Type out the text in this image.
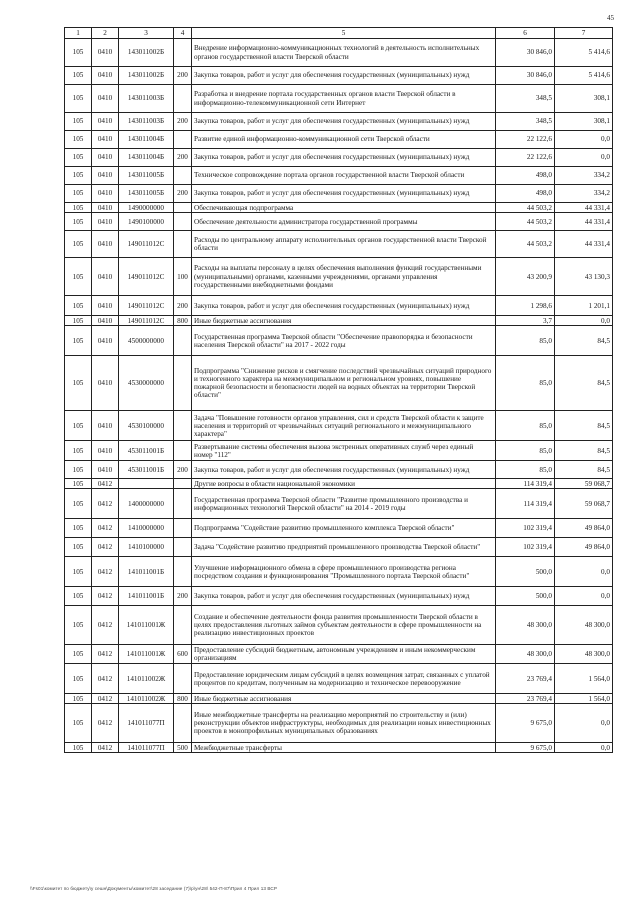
45
1	2	3	4	5	6	7
105	0410	143011002Б		Внедрение информационно-коммуникационных технологий в деятельность исполнительных органов государственной власти Тверской области	30 846,0	5 414,6
105	0410	143011002Б	200	Закупка товаров, работ и услуг для обеспечения государственных (муниципальных) нужд	30 846,0	5 414,6
105	0410	143011003Б		Разработка и внедрение портала государственных органов власти Тверской области в информационно-телекоммуникационной сети Интернет	348,5	308,1
105	0410	143011003Б	200	Закупка товаров, работ и услуг для обеспечения государственных (муниципальных) нужд	348,5	308,1
105	0410	143011004Б		Развитие единой информационно-коммуникационной сети Тверской области	22 122,6	0,0
105	0410	143011004Б	200	Закупка товаров, работ и услуг для обеспечения государственных (муниципальных) нужд	22 122,6	0,0
105	0410	143011005Б		Техническое сопровождение портала органов государственной власти Тверской области	498,0	334,2
105	0410	143011005Б	200	Закупка товаров, работ и услуг для обеспечения государственных (муниципальных) нужд	498,0	334,2
105	0410	1490000000		Обеспечивающая подпрограмма	44 503,2	44 331,4
105	0410	1490100000		Обеспечение деятельности администратора государственной программы	44 503,2	44 331,4
105	0410	149011012С		Расходы по центральному аппарату исполнительных органов государственной власти Тверской области	44 503,2	44 331,4
105	0410	149011012С	100	Расходы на выплаты персоналу в целях обеспечения выполнения функций государственными (муниципальными) органами, казенными учреждениями, органами управления государственными внебюджетными фондами	43 200,9	43 130,3
105	0410	149011012С	200	Закупка товаров, работ и услуг для обеспечения государственных (муниципальных) нужд	1 298,6	1 201,1
105	0410	149011012С	800	Иные бюджетные ассигнования	3,7	0,0
105	0410	4500000000		Государственная программа Тверской области "Обеспечение правопорядка и безопасности населения Тверской области" на 2017 - 2022 годы	85,0	84,5
105	0410	4530000000		Подпрограмма "Снижение рисков и смягчение последствий чрезвычайных ситуаций природного и техногенного характера на межмуниципальном и региональном уровнях, повышение пожарной безопасности и безопасности людей на водных объектах на территории Тверской области"	85,0	84,5
105	0410	4530100000		Задача "Повышение готовности органов управления, сил и средств Тверской области к защите населения и территорий от чрезвычайных ситуаций регионального и межмуниципального характера"	85,0	84,5
105	0410	453011001Б		Развертывание системы обеспечения вызова экстренных оперативных служб через единый номер "112"	85,0	84,5
105	0410	453011001Б	200	Закупка товаров, работ и услуг для обеспечения государственных (муниципальных) нужд	85,0	84,5
105	0412			Другие вопросы в области национальной экономики	114 319,4	59 068,7
105	0412	1400000000		Государственная программа Тверской области "Развитие промышленного производства и информационных технологий Тверской области" на 2014 - 2019 годы	114 319,4	59 068,7
105	0412	1410000000		Подпрограмма "Содействие развитию промышленного комплекса Тверской области"	102 319,4	49 864,0
105	0412	1410100000		Задача "Содействие развитию предприятий промышленного производства Тверской области"	102 319,4	49 864,0
105	0412	141011001Б		Улучшение информационного обмена в сфере промышленного производства региона посредством создания и функционирования "Промышленного портала Тверской области"	500,0	0,0
105	0412	141011001Б	200	Закупка товаров, работ и услуг для обеспечения государственных (муниципальных) нужд	500,0	0,0
105	0412	141011001Ж		Создание и обеспечение деятельности фонда развития промышленности Тверской области в целях предоставления льготных займов субъектам деятельности в сфере промышленности на реализацию инвестиционных проектов	48 300,0	48 300,0
105	0412	141011001Ж	600	Предоставление субсидий бюджетным, автономным учреждениям и иным некоммерческим организациям	48 300,0	48 300,0
105	0412	141011002Ж		Предоставление юридическим лицам субсидий в целях возмещения затрат, связанных с уплатой процентов по кредитам, полученным на модернизацию и техническое перевооружение	23 769,4	1 564,0
105	0412	141011002Ж	800	Иные бюджетные ассигнования	23 769,4	1 564,0
105	0412	141011077П		Иные межбюджетные трансферты на реализацию мероприятий по строительству и (или) реконструкции объектов инфраструктуры, необходимых для реализации новых инвестиционных проектов в монопрофильных муниципальных образованиях	9 675,0	0,0
105	0412	141011077П	500	Межбюджетные трансферты	9 675,0	0,0
\\Fs01\комитет по бюджету\у сешн\Документы\комитет\28 заседание (7)\р\ун\28\ 542-П-87\Прил 4 Прил 13 ВСР
